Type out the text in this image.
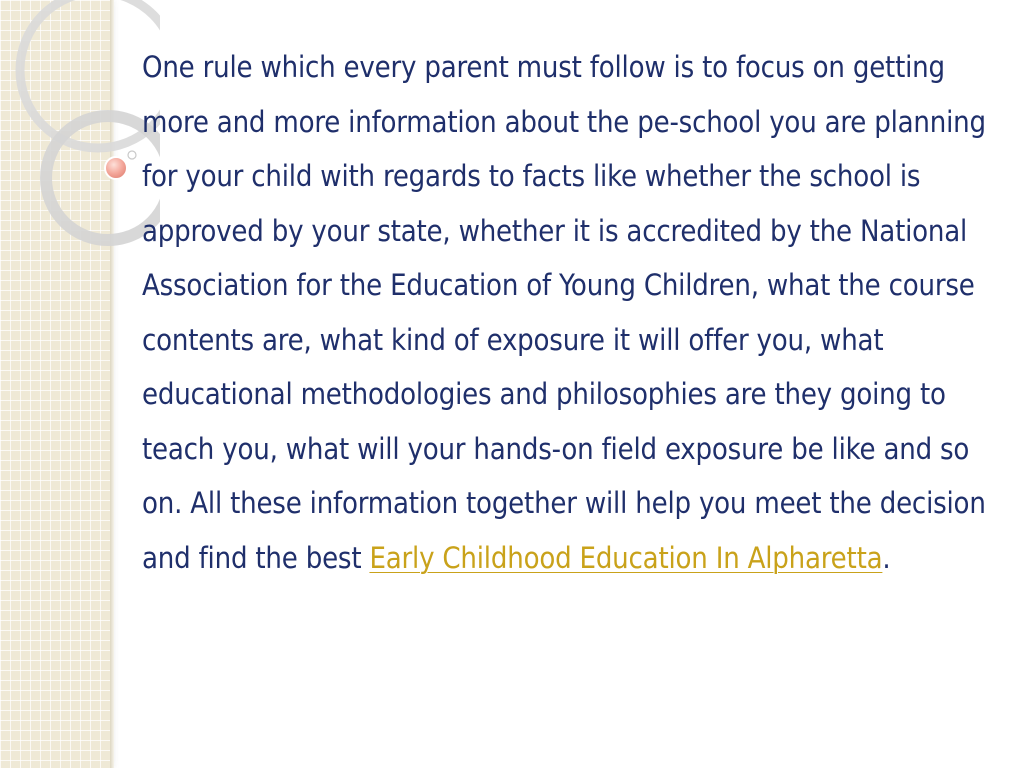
One rule which every parent must follow is to focus on getting more and more information about the pe-school you are planning for your child with regards to facts like whether the school is approved by your state, whether it is accredited by the National Association for the Education of Young Children, what the course contents are, what kind of exposure it will offer you, what educational methodologies and philosophies are they going to teach you, what will your hands-on field exposure be like and so on. All these information together will help you meet the decision and find the best Early Childhood Education In Alpharetta.
